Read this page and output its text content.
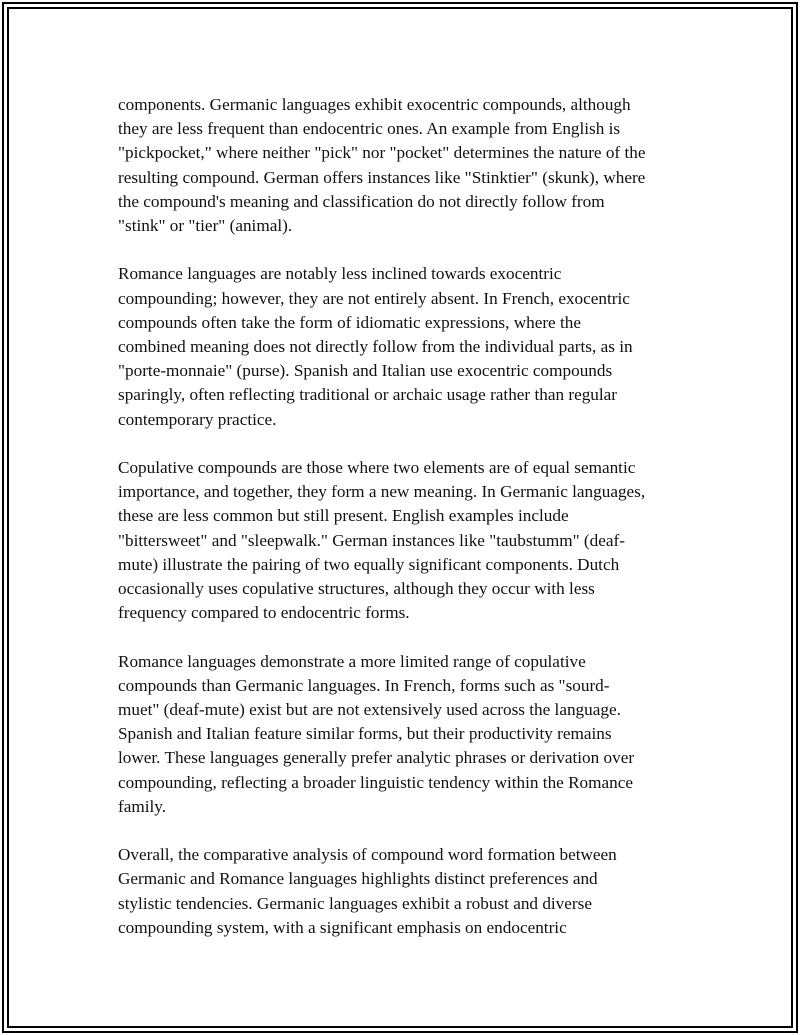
components. Germanic languages exhibit exocentric compounds, although
they are less frequent than endocentric ones. An example from English is
"pickpocket," where neither "pick" nor "pocket" determines the nature of the
resulting compound. German offers instances like "Stinktier" (skunk), where
the compound's meaning and classification do not directly follow from
"stink" or "tier" (animal).

Romance languages are notably less inclined towards exocentric
compounding; however, they are not entirely absent. In French, exocentric
compounds often take the form of idiomatic expressions, where the
combined meaning does not directly follow from the individual parts, as in
"porte-monnaie" (purse). Spanish and Italian use exocentric compounds
sparingly, often reflecting traditional or archaic usage rather than regular
contemporary practice.

Copulative compounds are those where two elements are of equal semantic
importance, and together, they form a new meaning. In Germanic languages,
these are less common but still present. English examples include
"bittersweet" and "sleepwalk." German instances like "taubstumm" (deaf-
mute) illustrate the pairing of two equally significant components. Dutch
occasionally uses copulative structures, although they occur with less
frequency compared to endocentric forms.

Romance languages demonstrate a more limited range of copulative
compounds than Germanic languages. In French, forms such as "sourd-
muet" (deaf-mute) exist but are not extensively used across the language.
Spanish and Italian feature similar forms, but their productivity remains
lower. These languages generally prefer analytic phrases or derivation over
compounding, reflecting a broader linguistic tendency within the Romance
family.

Overall, the comparative analysis of compound word formation between
Germanic and Romance languages highlights distinct preferences and
stylistic tendencies. Germanic languages exhibit a robust and diverse
compounding system, with a significant emphasis on endocentric
